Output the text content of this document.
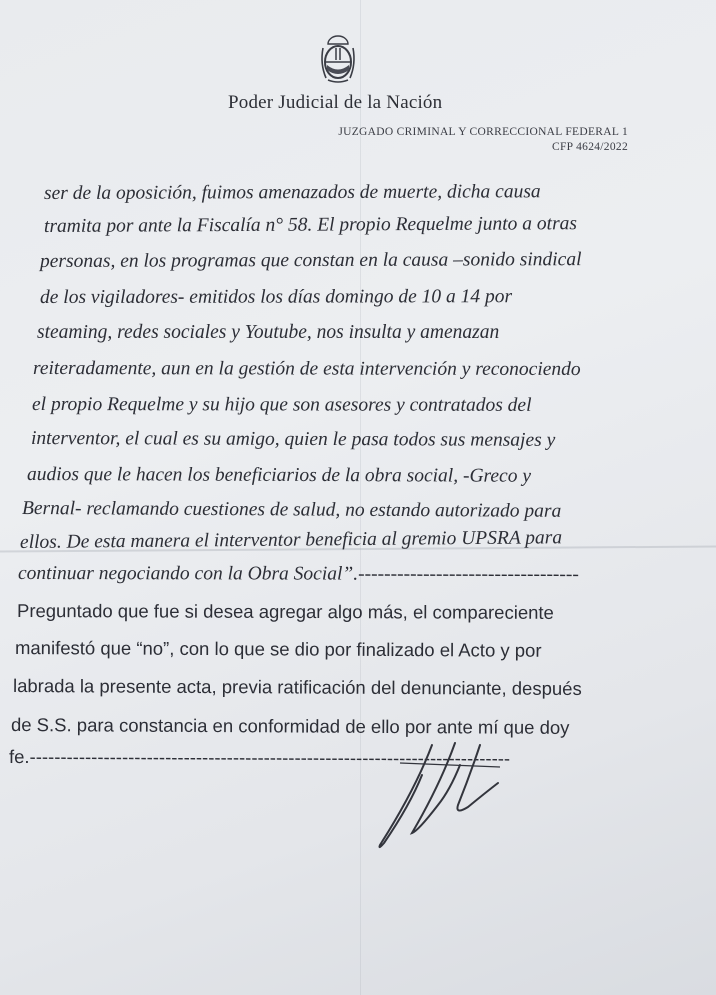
Poder Judicial de la Nación
JUZGADO CRIMINAL Y CORRECCIONAL FEDERAL 1
CFP 4624/2022
ser de la oposición, fuimos amenazados de muerte, dicha causa
tramita por ante la Fiscalía n° 58. El propio Requelme junto a otras
personas, en los programas que constan en la causa –sonido sindical
de los vigiladores- emitidos los días domingo de 10 a 14 por
steaming, redes sociales y Youtube, nos insulta y amenazan
reiteradamente, aun en la gestión de esta intervención y reconociendo
el propio Requelme y su hijo que son asesores y contratados del
interventor, el cual es su amigo, quien le pasa todos sus mensajes y
audios que le hacen los beneficiarios de la obra social, -Greco y
Bernal- reclamando cuestiones de salud, no estando autorizado para
ellos. De esta manera el interventor beneficia al gremio UPSRA para
continuar negociando con la Obra Social”.----------------------------------
Preguntado que fue si desea agregar algo más, el compareciente
manifestó que “no”, con lo que se dio por finalizado el Acto y por
labrada la presente acta, previa ratificación del denunciante, después
de S.S. para constancia en conformidad de ello por ante mí que doy
fe.------------------------------------------------------------------------------
